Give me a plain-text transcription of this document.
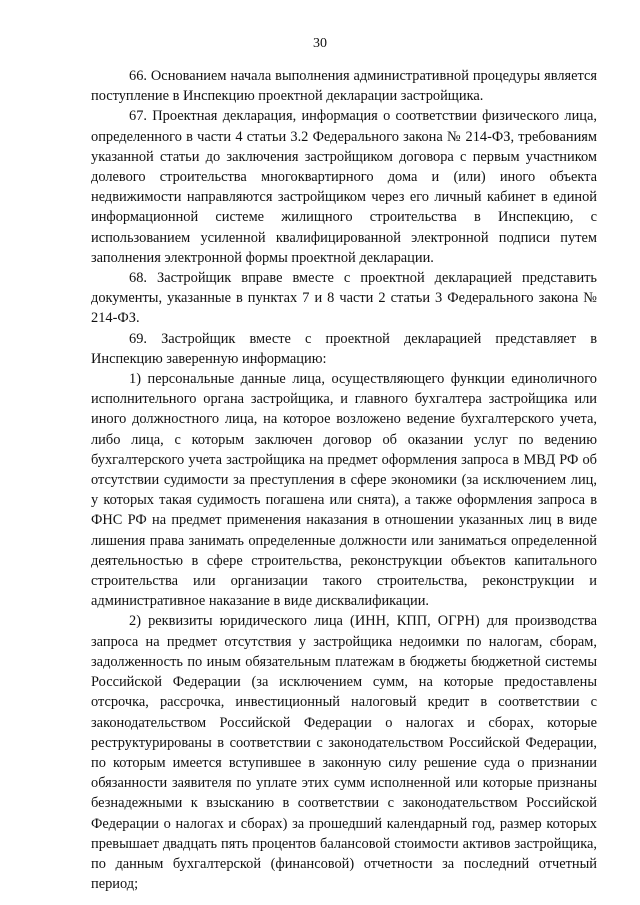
30

66. Основанием начала выполнения административной процедуры является поступление в Инспекцию проектной декларации застройщика.

67. Проектная декларация, информация о соответствии физического лица, определенного в части 4 статьи 3.2 Федерального закона № 214-ФЗ, требованиям указанной статьи до заключения застройщиком договора с первым участником долевого строительства многоквартирного дома и (или) иного объекта недвижимости направляются застройщиком через его личный кабинет в единой информационной системе жилищного строительства в Инспекцию, с использованием усиленной квалифицированной электронной подписи путем заполнения электронной формы проектной декларации.

68. Застройщик вправе вместе с проектной декларацией представить документы, указанные в пунктах 7 и 8 части 2 статьи 3 Федерального закона № 214-ФЗ.

69. Застройщик вместе с проектной декларацией представляет в Инспекцию заверенную информацию:

1) персональные данные лица, осуществляющего функции единоличного исполнительного органа застройщика, и главного бухгалтера застройщика или иного должностного лица, на которое возложено ведение бухгалтерского учета, либо лица, с которым заключен договор об оказании услуг по ведению бухгалтерского учета застройщика на предмет оформления запроса в МВД РФ об отсутствии судимости за преступления в сфере экономики (за исключением лиц, у которых такая судимость погашена или снята), а также оформления запроса в ФНС РФ на предмет применения наказания в отношении указанных лиц в виде лишения права занимать определенные должности или заниматься определенной деятельностью в сфере строительства, реконструкции объектов капитального строительства или организации такого строительства, реконструкции и административное наказание в виде дисквалификации.

2) реквизиты юридического лица (ИНН, КПП, ОГРН) для производства запроса на предмет отсутствия у застройщика недоимки по налогам, сборам, задолженность по иным обязательным платежам в бюджеты бюджетной системы Российской Федерации (за исключением сумм, на которые предоставлены отсрочка, рассрочка, инвестиционный налоговый кредит в соответствии с законодательством Российской Федерации о налогах и сборах, которые реструктурированы в соответствии с законодательством Российской Федерации, по которым имеется вступившее в законную силу решение суда о признании обязанности заявителя по уплате этих сумм исполненной или которые признаны безнадежными к взысканию в соответствии с законодательством Российской Федерации о налогах и сборах) за прошедший календарный год, размер которых превышает двадцать пять процентов балансовой стоимости активов застройщика, по данным бухгалтерской (финансовой) отчетности за последний отчетный период;
